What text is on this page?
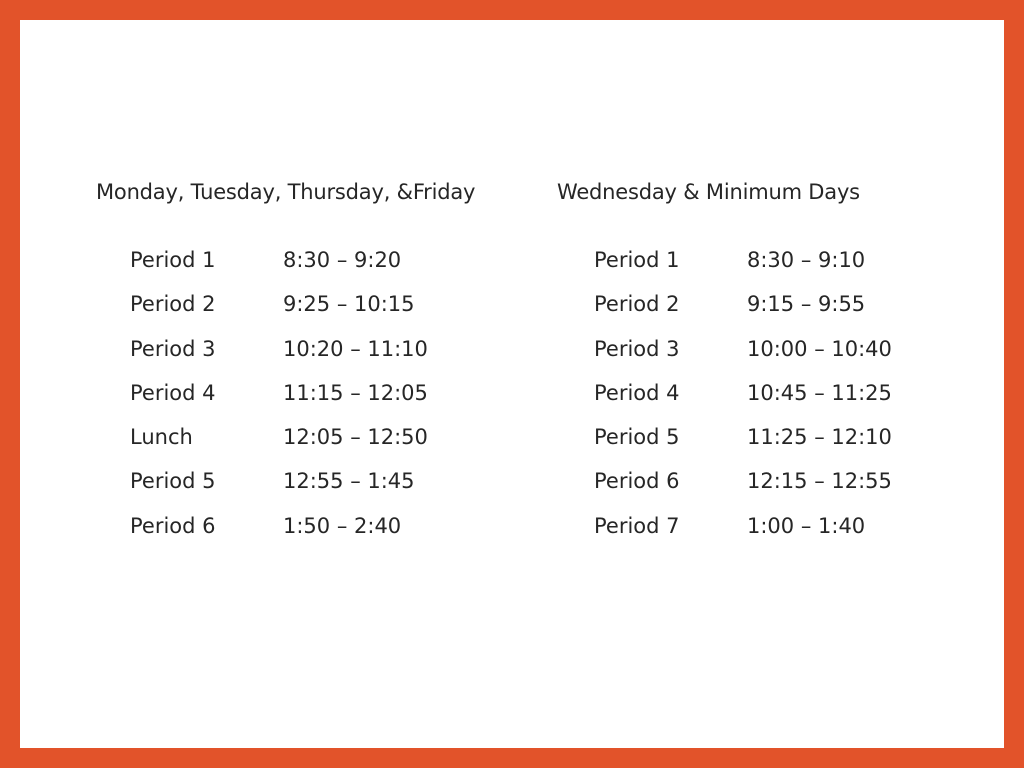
Monday, Tuesday, Thursday, &Friday
Period 1	8:30 – 9:20
Period 2	9:25 – 10:15
Period 3	10:20 – 11:10
Period 4	11:15 – 12:05
Lunch	12:05 – 12:50
Period 5	12:55 – 1:45
Period 6	1:50 – 2:40
Wednesday & Minimum Days
Period 1	8:30 – 9:10
Period 2	9:15 – 9:55
Period 3	10:00 – 10:40
Period 4	10:45 – 11:25
Period 5	11:25 – 12:10
Period 6	12:15 – 12:55
Period 7	1:00 – 1:40
